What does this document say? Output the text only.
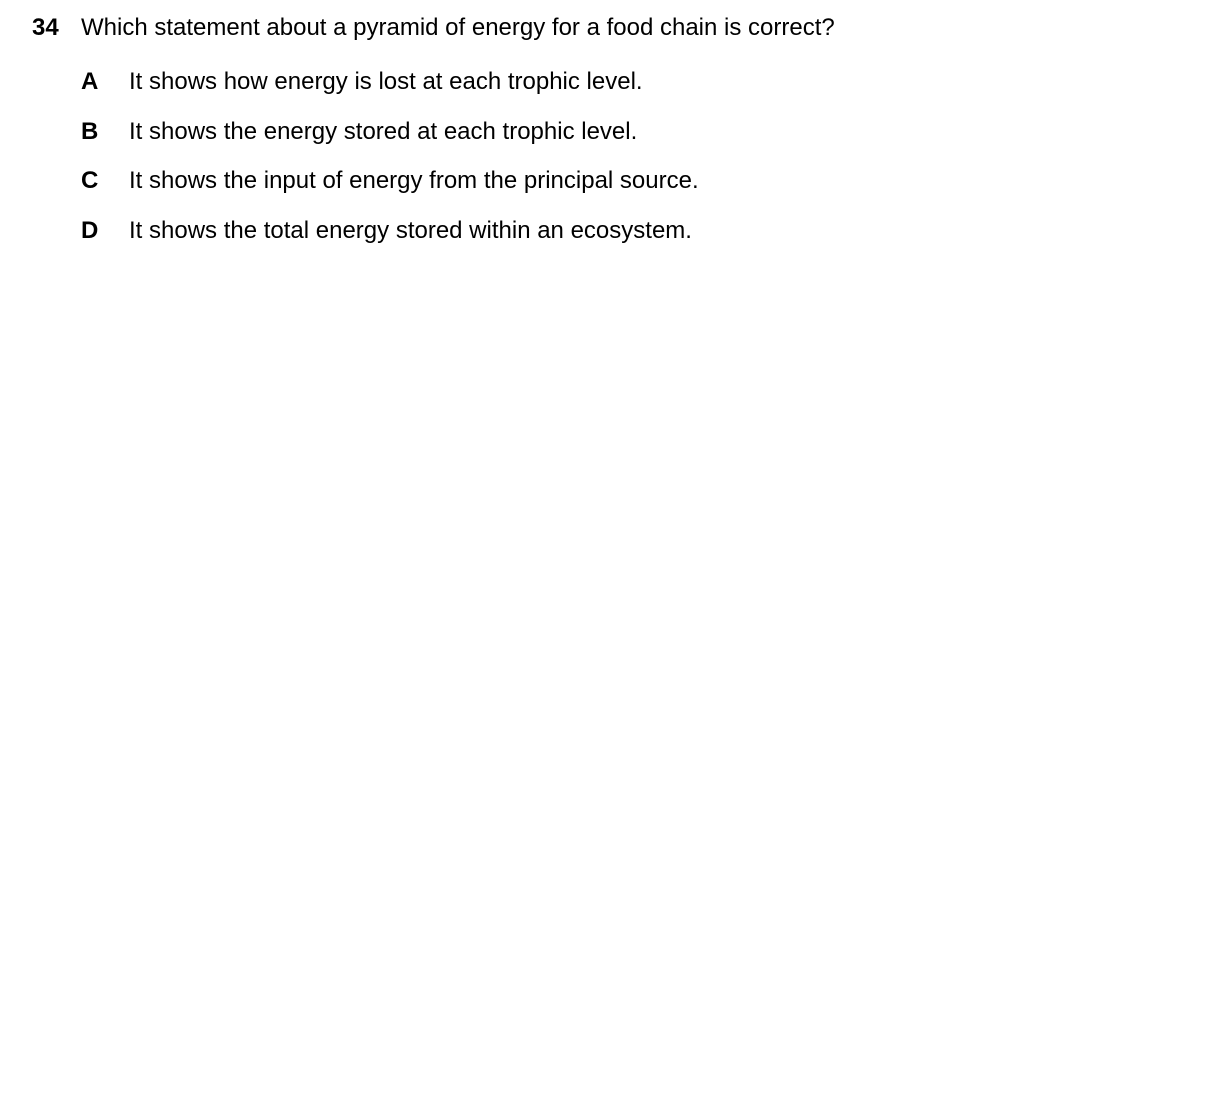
34 Which statement about a pyramid of energy for a food chain is correct?
A It shows how energy is lost at each trophic level.
B It shows the energy stored at each trophic level.
C It shows the input of energy from the principal source.
D It shows the total energy stored within an ecosystem.
